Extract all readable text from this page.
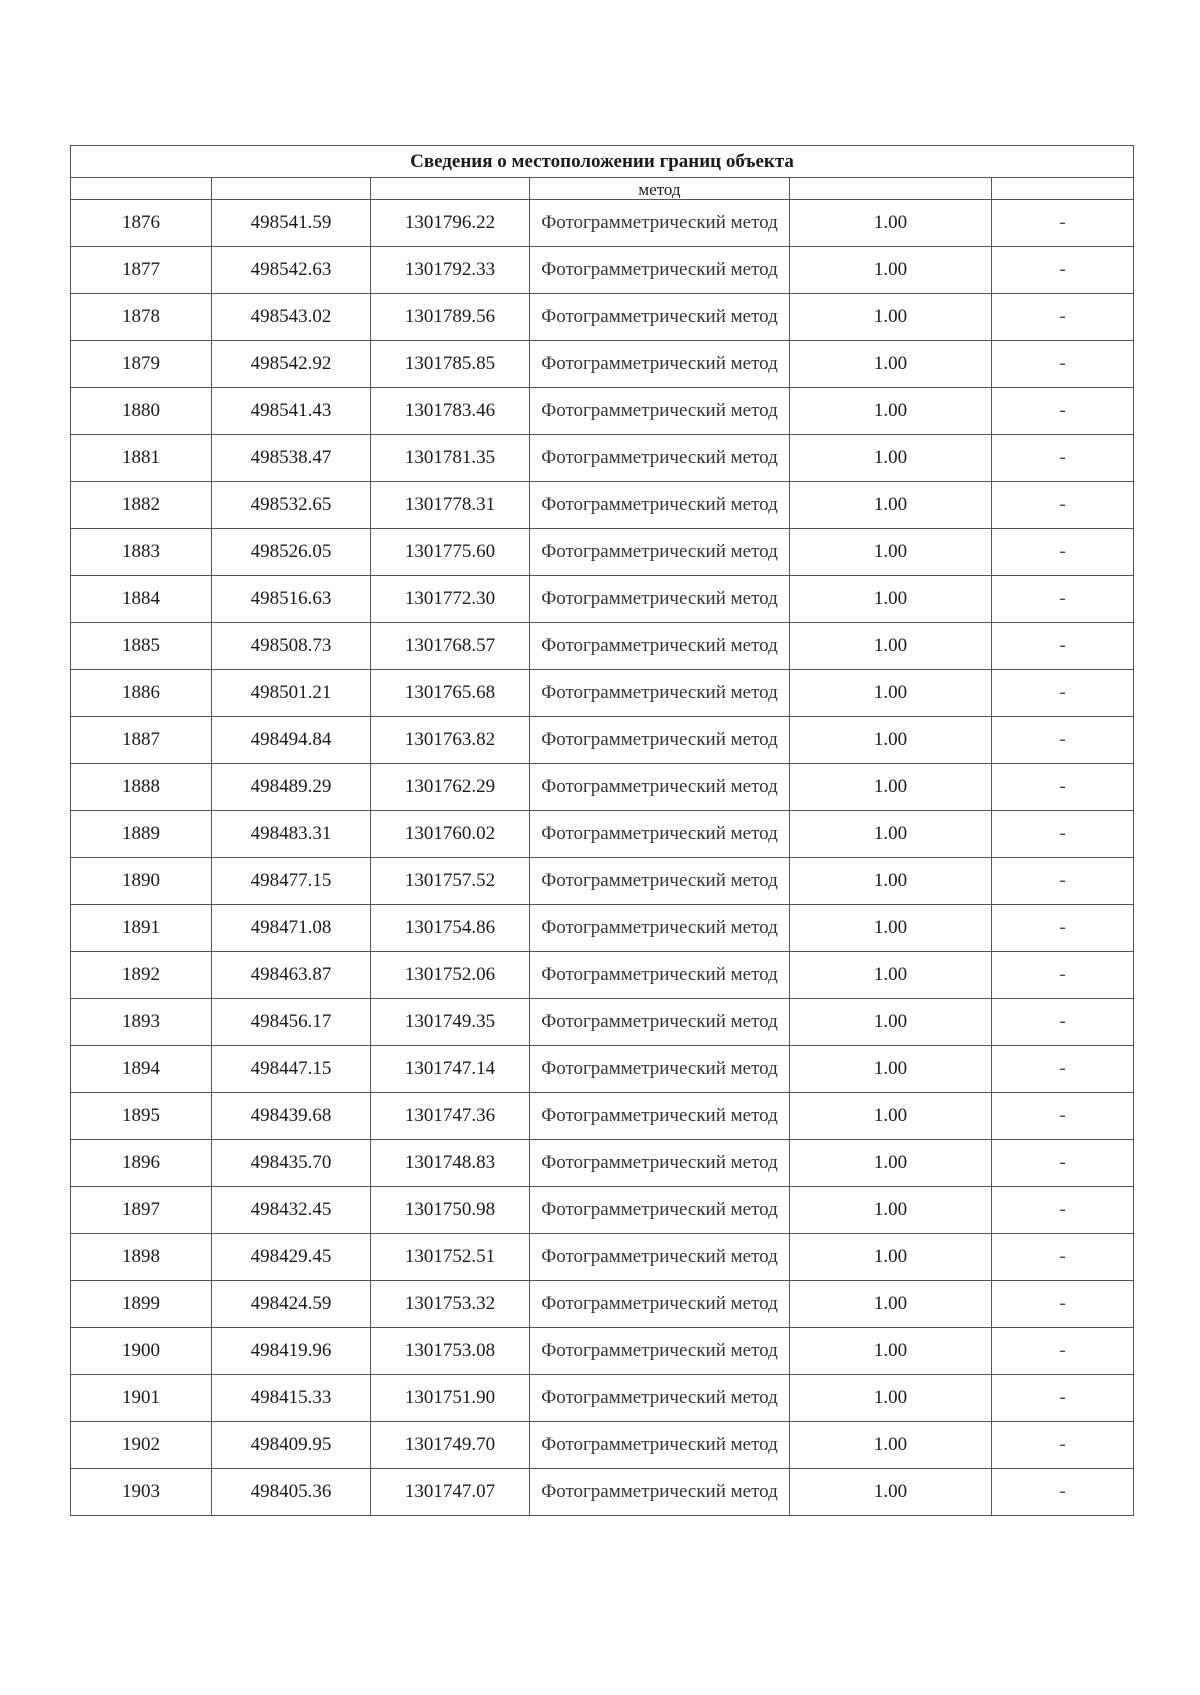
Сведения о местоположении границ объекта					
			метод		
1876	498541.59	1301796.22	Фотограмметрический метод	1.00	-
1877	498542.63	1301792.33	Фотограмметрический метод	1.00	-
1878	498543.02	1301789.56	Фотограмметрический метод	1.00	-
1879	498542.92	1301785.85	Фотограмметрический метод	1.00	-
1880	498541.43	1301783.46	Фотограмметрический метод	1.00	-
1881	498538.47	1301781.35	Фотограмметрический метод	1.00	-
1882	498532.65	1301778.31	Фотограмметрический метод	1.00	-
1883	498526.05	1301775.60	Фотограмметрический метод	1.00	-
1884	498516.63	1301772.30	Фотограмметрический метод	1.00	-
1885	498508.73	1301768.57	Фотограмметрический метод	1.00	-
1886	498501.21	1301765.68	Фотограмметрический метод	1.00	-
1887	498494.84	1301763.82	Фотограмметрический метод	1.00	-
1888	498489.29	1301762.29	Фотограмметрический метод	1.00	-
1889	498483.31	1301760.02	Фотограмметрический метод	1.00	-
1890	498477.15	1301757.52	Фотограмметрический метод	1.00	-
1891	498471.08	1301754.86	Фотограмметрический метод	1.00	-
1892	498463.87	1301752.06	Фотограмметрический метод	1.00	-
1893	498456.17	1301749.35	Фотограмметрический метод	1.00	-
1894	498447.15	1301747.14	Фотограмметрический метод	1.00	-
1895	498439.68	1301747.36	Фотограмметрический метод	1.00	-
1896	498435.70	1301748.83	Фотограмметрический метод	1.00	-
1897	498432.45	1301750.98	Фотограмметрический метод	1.00	-
1898	498429.45	1301752.51	Фотограмметрический метод	1.00	-
1899	498424.59	1301753.32	Фотограмметрический метод	1.00	-
1900	498419.96	1301753.08	Фотограмметрический метод	1.00	-
1901	498415.33	1301751.90	Фотограмметрический метод	1.00	-
1902	498409.95	1301749.70	Фотограмметрический метод	1.00	-
1903	498405.36	1301747.07	Фотограмметрический метод	1.00	-
